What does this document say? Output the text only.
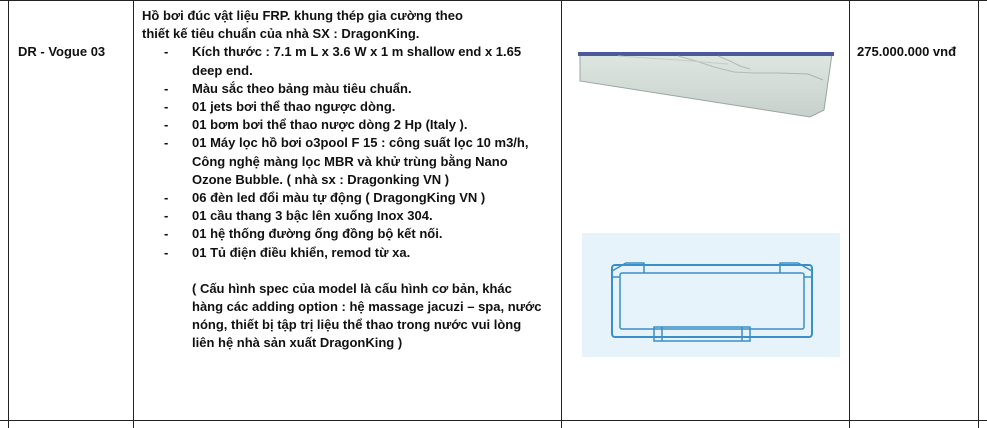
DR - Vogue 03
Hồ bơi đúc vật liệu FRP. khung thép gia cường theo
thiết kế tiêu chuẩn của nhà SX : DragonKing.
- Kích thước : 7.1 m L x 3.6 W x 1 m shallow end x 1.65 deep end.
- Màu sắc theo bảng màu tiêu chuẩn.
- 01 jets bơi thể thao ngược dòng.
- 01 bơm bơi thể thao nược dòng 2 Hp (Italy ).
- 01 Máy lọc hồ bơi o3pool F 15 : công suất lọc 10 m3/h, Công nghệ màng lọc MBR và khử trùng bằng Nano Ozone Bubble. ( nhà sx : Dragonking VN )
- 06 đèn led đổi màu tự động ( DragongKing VN )
- 01 cầu thang 3 bậc lên xuống Inox 304.
- 01 hệ thống đường ống đồng bộ kết nối.
- 01 Tủ điện điều khiển, remod từ xa.
( Cấu hình spec của model là cấu hình cơ bản, khác hàng các adding option : hệ massage jacuzi – spa, nước nóng, thiết bị tập trị liệu thể thao trong nước vui lòng liên hệ nhà sản xuất DragonKing )
275.000.000 vnđ
